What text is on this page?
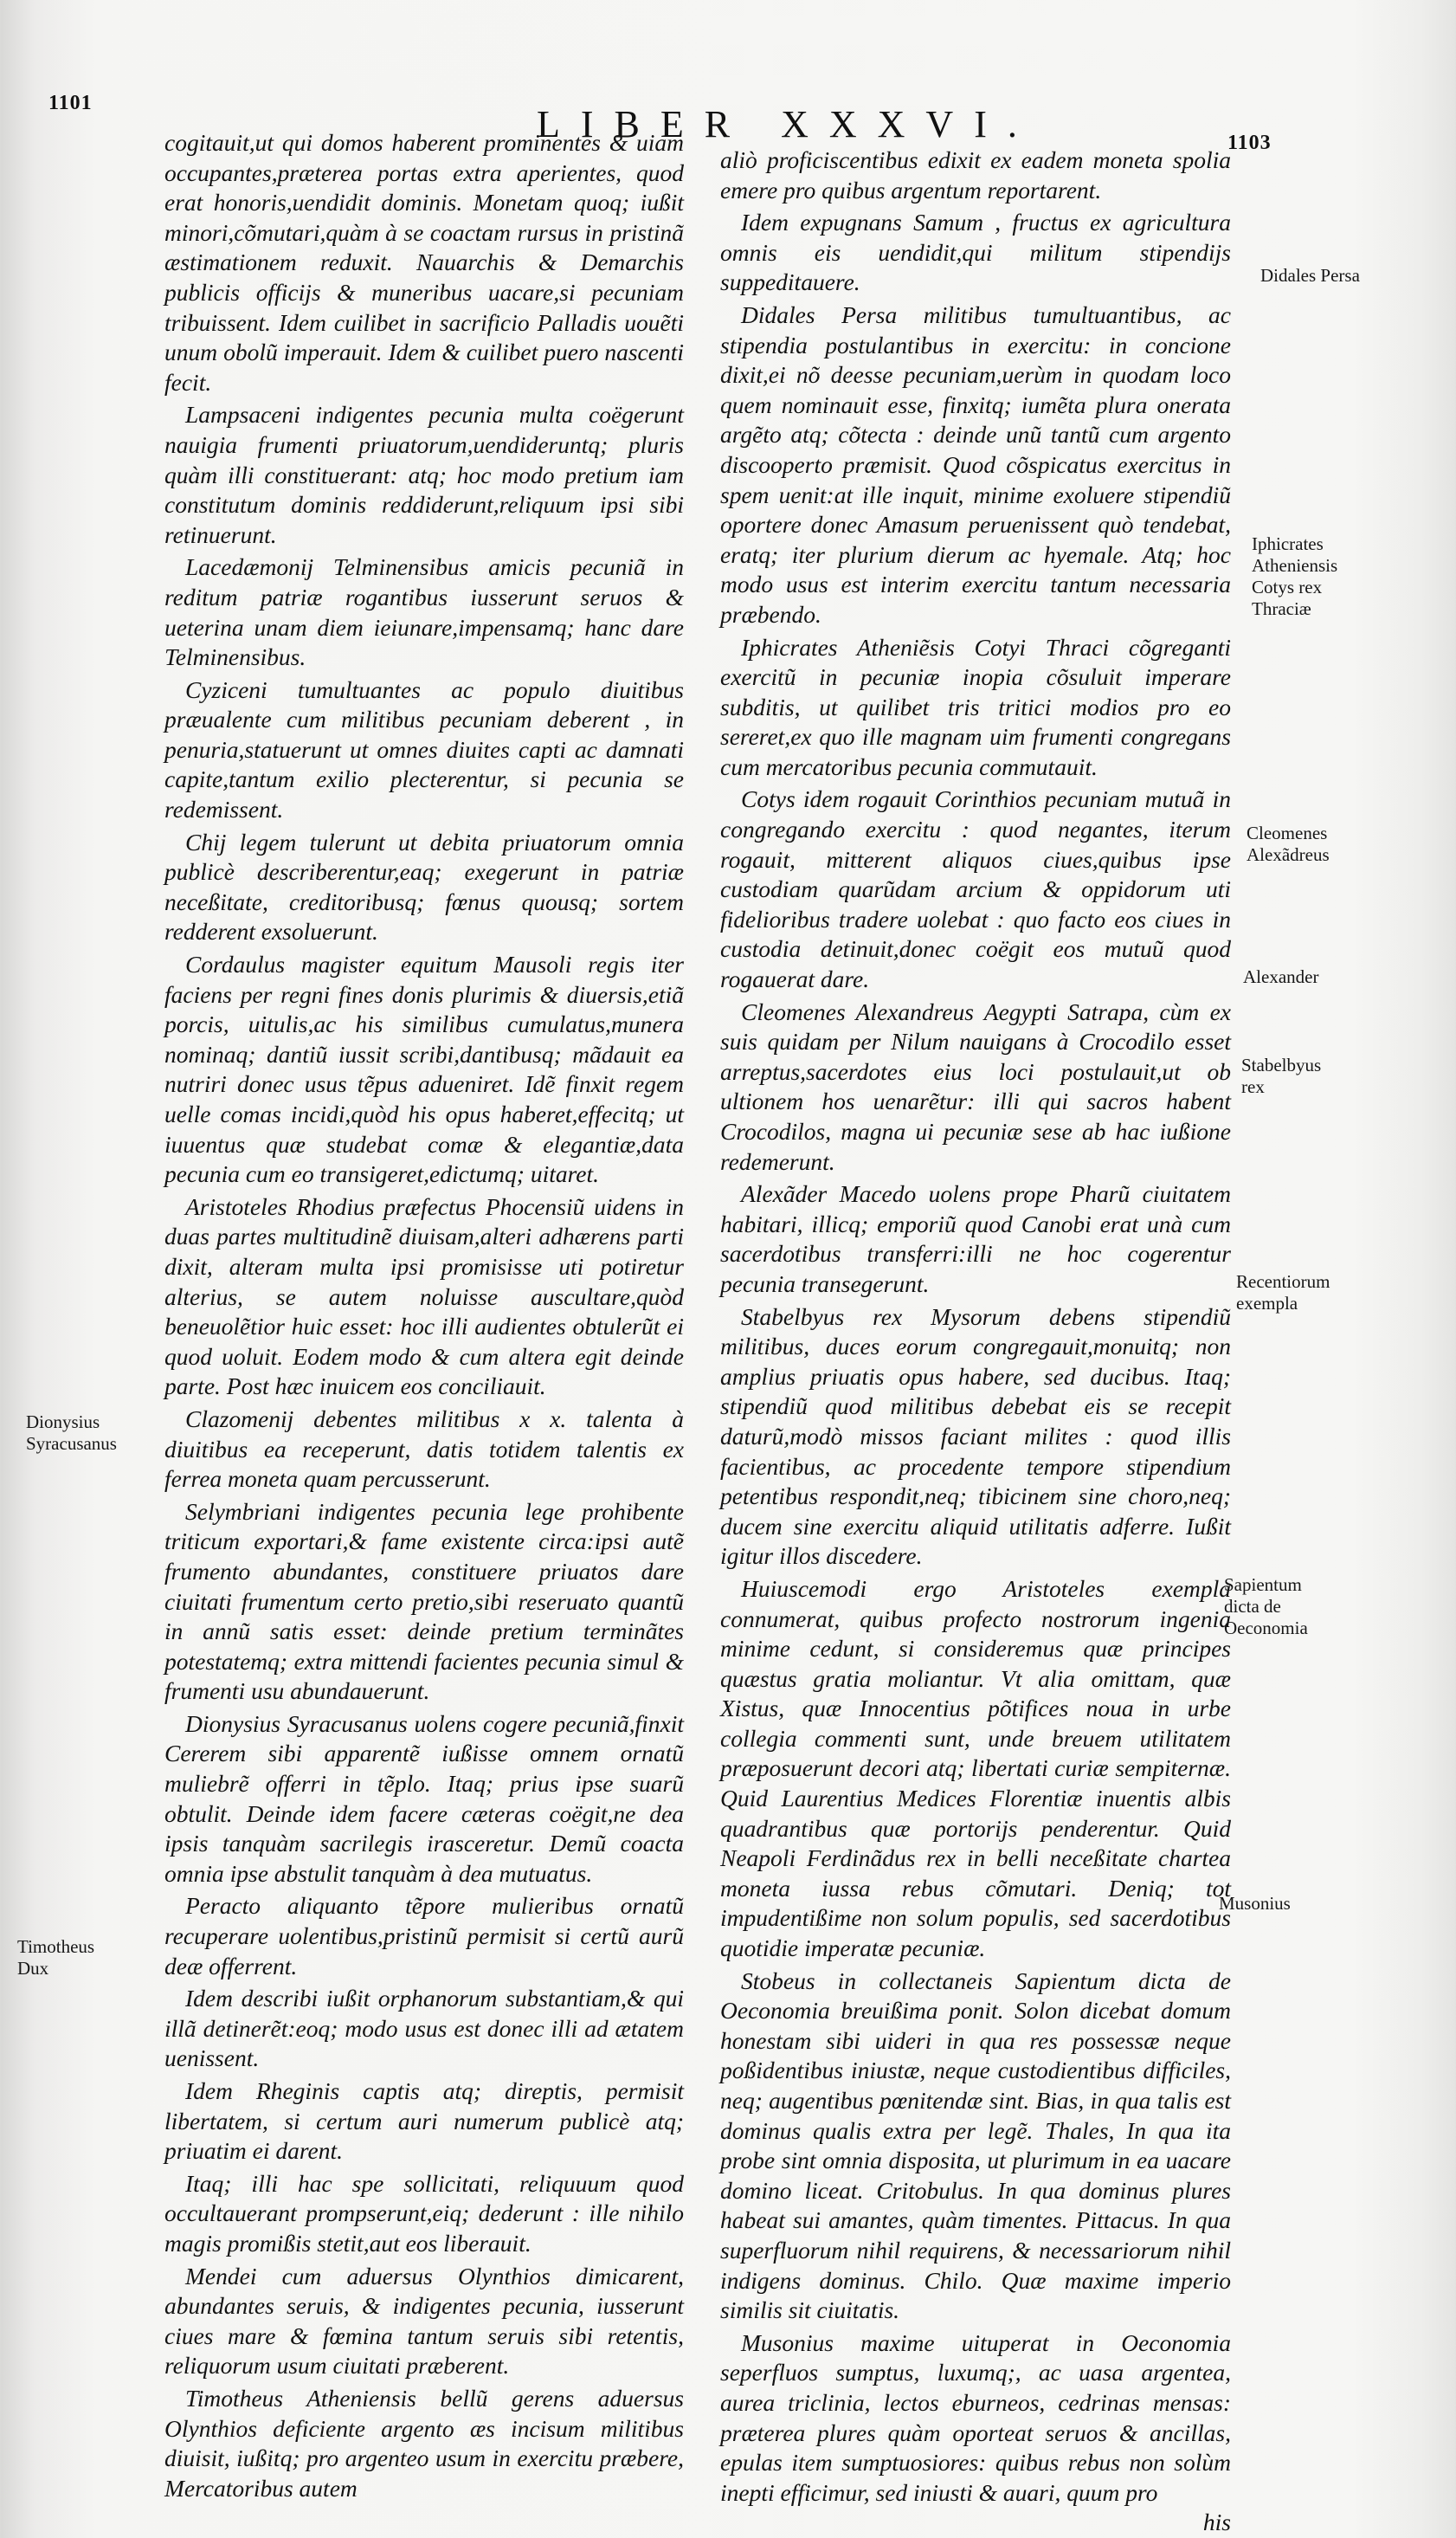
1101	LIBER XXXVI.	1103

cogitauit,ut qui domos haberent prominentes & uiam occupantes,præterea portas extra aperientes, quod erat honoris,uendidit dominis. Monetam quoq; iußit minori,cõmutari,quàm à se coactam rursus in pristinã æstimationem reduxit. Nauarchis & Demarchis publicis officijs & muneribus uacare,si pecuniam tribuissent. Idem cuilibet in sacrificio Palladis uouẽti unum obolũ imperauit. Idem & cuilibet puero nascenti fecit.

Lampsaceni indigentes pecunia multa coëgerunt nauigia frumenti priuatorum,uendideruntq; pluris quàm illi constituerant: atq; hoc modo pretium iam constitutum dominis reddiderunt,reliquum ipsi sibi retinuerunt.

Lacedæmonij Telminensibus amicis pecuniã in reditum patriæ rogantibus iusserunt seruos & ueterina unam diem ieiunare,impensamq; hanc dare Telminensibus.

Cyziceni tumultuantes ac populo diuitibus præualente cum militibus pecuniam deberent , in penuria,statuerunt ut omnes diuites capti ac damnati capite,tantum exilio plecterentur, si pecunia se redemissent.

Chij legem tulerunt ut debita priuatorum omnia publicè describerentur,eaq; exegerunt in patriæ neceßitate, creditoribusq; fœnus quousq; sortem redderent exsoluerunt.

Cordaulus magister equitum Mausoli regis iter faciens per regni fines donis plurimis & diuersis,etiã porcis, uitulis,ac his similibus cumulatus,munera nominaq; dantiũ iussit scribi,dantibusq; mãdauit ea nutriri donec usus tẽpus adueniret. Idẽ finxit regem uelle comas incidi,quòd his opus haberet,effecitq; ut iuuentus quæ studebat comæ & elegantiæ,data pecunia cum eo transigeret,edictumq; uitaret.

Aristoteles Rhodius præfectus Phocensiũ uidens in duas partes multitudinẽ diuisam,alteri adhærens parti dixit, alteram multa ipsi promisisse uti potiretur alterius, se autem noluisse auscultare,quòd beneuolẽtior huic esset: hoc illi audientes obtulerũt ei quod uoluit. Eodem modo & cum altera egit deinde parte. Post hæc inuicem eos conciliauit.

Clazomenij debentes militibus x x. talenta à diuitibus ea receperunt, datis totidem talentis ex ferrea moneta quam percusserunt.

Selymbriani indigentes pecunia lege prohibente triticum exportari,& fame existente circa:ipsi autẽ frumento abundantes, constituere priuatos dare ciuitati frumentum certo pretio,sibi reseruato quantũ in annũ satis esset: deinde pretium terminãtes potestatemq; extra mittendi facientes pecunia simul & frumenti usu abundauerunt.

Dionysius Syracusanus uolens cogere pecuniã,finxit Cererem sibi apparentẽ iußisse omnem ornatũ muliebrẽ offerri in tẽplo. Itaq; prius ipse suarũ obtulit. Deinde idem facere cæteras coëgit,ne dea ipsis tanquàm sacrilegis irasceretur. Demũ coacta omnia ipse abstulit tanquàm à dea mutuatus.

Peracto aliquanto tẽpore mulieribus ornatũ recuperare uolentibus,pristinũ permisit si certũ aurũ deæ offerrent.

Idem describi iußit orphanorum substantiam,& qui illã detinerẽt:eoq; modo usus est donec illi ad ætatem uenissent.

Idem Rheginis captis atq; direptis, permisit libertatem, si certum auri numerum publicè atq; priuatim ei darent.

Itaq; illi hac spe sollicitati, reliquuum quod occultauerant prompserunt,eiq; dederunt : ille nihilo magis promißis stetit,aut eos liberauit.

Mendei cum aduersus Olynthios dimicarent, abundantes seruis, & indigentes pecunia, iusserunt ciues mare & fœmina tantum seruis sibi retentis, reliquorum usum ciuitati præberent.

Timotheus Atheniensis bellũ gerens aduersus Olynthios deficiente argento æs incisum militibus diuisit, iußitq; pro argenteo usum in exercitu præbere, Mercatoribus autem

aliò proficiscentibus edixit ex eadem moneta spolia emere pro quibus argentum reportarent.

Idem expugnans Samum , fructus ex agricultura omnis eis uendidit,qui militum stipendijs suppeditauere.

Didales Persa militibus tumultuantibus, ac stipendia postulantibus in exercitu: in concione dixit,ei nõ deesse pecuniam,uerùm in quodam loco quem nominauit esse, finxitq; iumẽta plura onerata argẽto atq; cõtecta : deinde unũ tantũ cum argento discooperto præmisit. Quod cõspicatus exercitus in spem uenit:at ille inquit, minime exoluere stipendiũ oportere donec Amasum peruenissent quò tendebat, eratq; iter plurium dierum ac hyemale. Atq; hoc modo usus est interim exercitu tantum necessaria præbendo.

Iphicrates Atheniẽsis Cotyi Thraci cõgreganti exercitũ in pecuniæ inopia cõsuluit imperare subditis, ut quilibet tris tritici modios pro eo sereret,ex quo ille magnam uim frumenti congregans cum mercatoribus pecunia commutauit.

Cotys idem rogauit Corinthios pecuniam mutuã in congregando exercitu : quod negantes, iterum rogauit, mitterent aliquos ciues,quibus ipse custodiam quarũdam arcium & oppidorum uti fidelioribus tradere uolebat : quo facto eos ciues in custodia detinuit,donec coëgit eos mutuũ quod rogauerat dare.

Cleomenes Alexandreus Aegypti Satrapa, cùm ex suis quidam per Nilum nauigans à Crocodilo esset arreptus,sacerdotes eius loci postulauit,ut ob ultionem hos uenarẽtur: illi qui sacros habent Crocodilos, magna ui pecuniæ sese ab hac iußione redemerunt.

Alexãder Macedo uolens prope Pharũ ciuitatem habitari, illicq; emporiũ quod Canobi erat unà cum sacerdotibus transferri:illi ne hoc cogerentur pecunia transegerunt.

Stabelbyus rex Mysorum debens stipendiũ militibus, duces eorum congregauit,monuitq; non amplius priuatis opus habere, sed ducibus. Itaq; stipendiũ quod militibus debebat eis se recepit daturũ,modò missos faciant milites : quod illis facientibus, ac procedente tempore stipendium petentibus respondit,neq; tibicinem sine choro,neq; ducem sine exercitu aliquid utilitatis adferre. Iußit igitur illos discedere.

Huiuscemodi ergo Aristoteles exempla connumerat, quibus profecto nostrorum ingenia minime cedunt, si consideremus quæ principes quæstus gratia moliantur. Vt alia omittam, quæ Xistus, quæ Innocentius põtifices noua in urbe collegia commenti sunt, unde breuem utilitatem præposuerunt decori atq; libertati curiæ sempiternæ. Quid Laurentius Medices Florentiæ inuentis albis quadrantibus quæ portorijs penderentur. Quid Neapoli Ferdinãdus rex in belli neceßitate chartea moneta iussa rebus cõmutari. Deniq; tot impudentißime non solum populis, sed sacerdotibus quotidie imperatæ pecuniæ.

Stobeus in collectaneis Sapientum dicta de Oeconomia breuißima ponit. Solon dicebat domum honestam sibi uideri in qua res possessæ neque poßidentibus iniustæ, neque custodientibus difficiles, neq; augentibus pœnitendæ sint. Bias, in qua talis est dominus qualis extra per legẽ. Thales, In qua ita probe sint omnia disposita, ut plurimum in ea uacare domino liceat. Critobulus. In qua dominus plures habeat sui amantes, quàm timentes. Pittacus. In qua superfluorum nihil requirens, & necessariorum nihil indigens dominus. Chilo. Quæ maxime imperio similis sit ciuitatis.

Musonius maxime uituperat in Oeconomia seperfluos sumptus, luxumq;, ac uasa argentea, aurea triclinia, lectos eburneos, cedrinas mensas: præterea plures quàm oporteat seruos & ancillas, epulas item sumptuosiores: quibus rebus non solùm inepti efficimur, sed iniusti & auari, quum pro

his

Dionysius Syracusanus
Timotheus Dux
Didales Persa
Iphicrates Atheniensis Cotys rex Thraciæ
Cleomenes Alexãdreus
Alexander
Stabelbyus rex
Recentiorum exempla
Sapientum dicta de Oeconomia
Musonius
